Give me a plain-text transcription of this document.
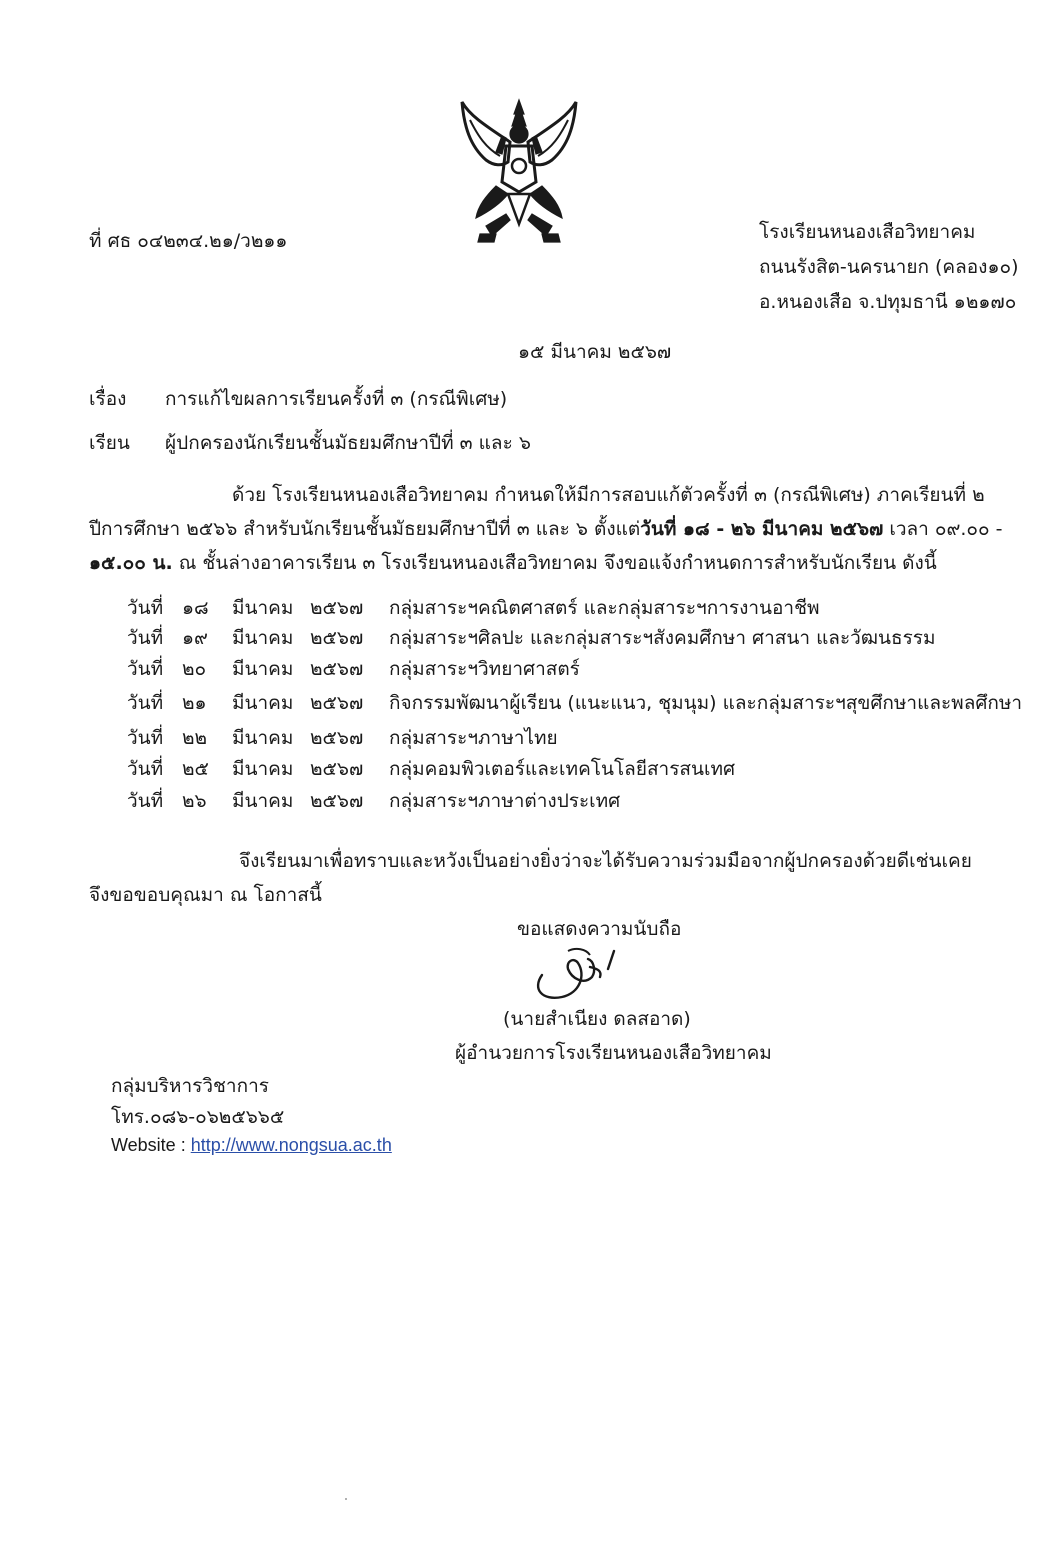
ที่ ศธ ๐๔๒๓๔.๒๑/ว๒๑๑	โรงเรียนหนองเสือวิทยาคม
ถนนรังสิต-นครนายก (คลอง๑๐)
อ.หนองเสือ จ.ปทุมธานี ๑๒๑๗๐
๑๕ มีนาคม ๒๕๖๗
เรื่อง การแก้ไขผลการเรียนครั้งที่ ๓ (กรณีพิเศษ)
เรียน ผู้ปกครองนักเรียนชั้นมัธยมศึกษาปีที่ ๓ และ ๖
ด้วย โรงเรียนหนองเสือวิทยาคม กำหนดให้มีการสอบแก้ตัวครั้งที่ ๓ (กรณีพิเศษ) ภาคเรียนที่ ๒
ปีการศึกษา ๒๕๖๖ สำหรับนักเรียนชั้นมัธยมศึกษาปีที่ ๓ และ ๖ ตั้งแต่วันที่ ๑๘ - ๒๖ มีนาคม ๒๕๖๗ เวลา ๐๙.๐๐ -
๑๕.๐๐ น. ณ ชั้นล่างอาคารเรียน ๓ โรงเรียนหนองเสือวิทยาคม จึงขอแจ้งกำหนดการสำหรับนักเรียน ดังนี้
วันที่ ๑๘ มีนาคม ๒๕๖๗ กลุ่มสาระฯคณิตศาสตร์ และกลุ่มสาระฯการงานอาชีพ
วันที่ ๑๙ มีนาคม ๒๕๖๗ กลุ่มสาระฯศิลปะ และกลุ่มสาระฯสังคมศึกษา ศาสนา และวัฒนธรรม
วันที่ ๒๐ มีนาคม ๒๕๖๗ กลุ่มสาระฯวิทยาศาสตร์
วันที่ ๒๑ มีนาคม ๒๕๖๗ กิจกรรมพัฒนาผู้เรียน (แนะแนว, ชุมนุม) และกลุ่มสาระฯสุขศึกษาและพลศึกษา
วันที่ ๒๒ มีนาคม ๒๕๖๗ กลุ่มสาระฯภาษาไทย
วันที่ ๒๕ มีนาคม ๒๕๖๗ กลุ่มคอมพิวเตอร์และเทคโนโลยีสารสนเทศ
วันที่ ๒๖ มีนาคม ๒๕๖๗ กลุ่มสาระฯภาษาต่างประเทศ
จึงเรียนมาเพื่อทราบและหวังเป็นอย่างยิ่งว่าจะได้รับความร่วมมือจากผู้ปกครองด้วยดีเช่นเคย
จึงขอขอบคุณมา ณ โอกาสนี้
ขอแสดงความนับถือ
(นายสำเนียง ดลสอาด)
ผู้อำนวยการโรงเรียนหนองเสือวิทยาคม
กลุ่มบริหารวิชาการ
โทร.๐๘๖-๐๖๒๕๖๖๕
Website : http://www.nongsua.ac.th
